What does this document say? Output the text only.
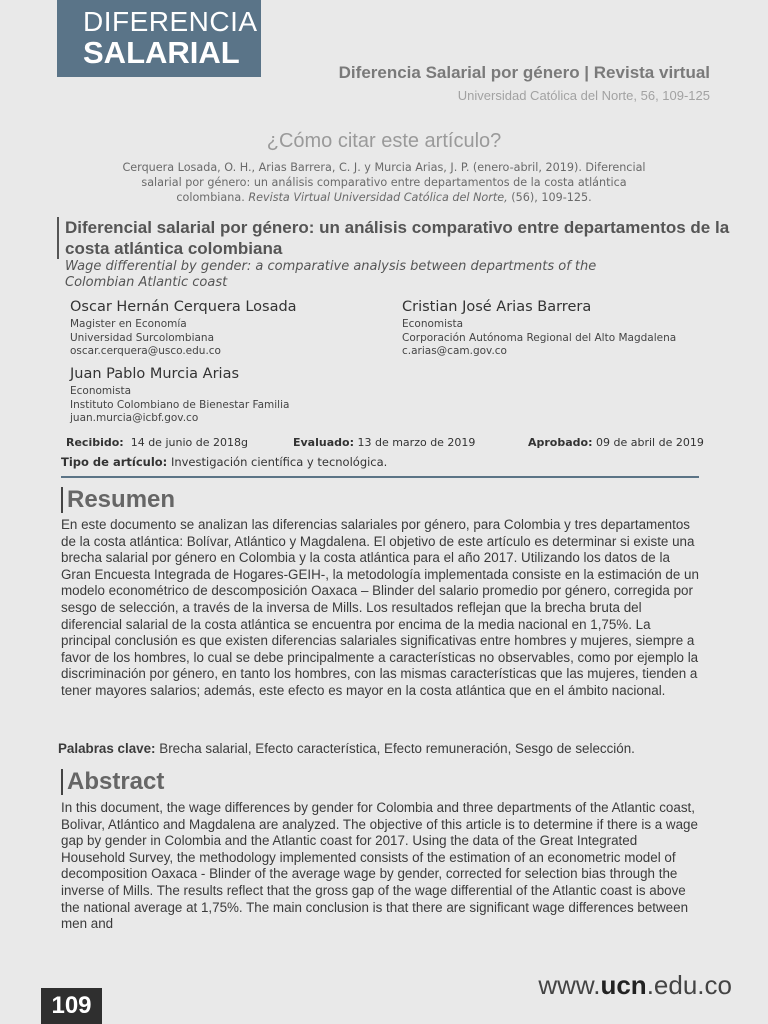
DIFERENCIA
SALARIAL
Diferencia Salarial por género | Revista virtual
Universidad Católica del Norte, 56, 109-125
¿Cómo citar este artículo?
Cerquera Losada, O. H., Arias Barrera, C. J. y Murcia Arias, J. P. (enero-abril, 2019). Diferencial salarial por género: un análisis comparativo entre departamentos de la costa atlántica colombiana. Revista Virtual Universidad Católica del Norte, (56), 109-125.
Diferencial salarial por género: un análisis comparativo entre departamentos de la costa atlántica colombiana
Wage differential by gender: a comparative analysis between departments of the Colombian Atlantic coast
Oscar Hernán Cerquera Losada
Magister en Economía
Universidad Surcolombiana
oscar.cerquera@usco.edu.co
Cristian José Arias Barrera
Economista
Corporación Autónoma Regional del Alto Magdalena
c.arias@cam.gov.co
Juan Pablo Murcia Arias
Economista
Instituto Colombiano de Bienestar Familia
juan.murcia@icbf.gov.co
Recibido: 14 de junio de 2018g	Evaluado: 13 de marzo de 2019	Aprobado: 09 de abril de 2019
Tipo de artículo: Investigación científica y tecnológica.
Resumen
En este documento se analizan las diferencias salariales por género, para Colombia y tres departamentos de la costa atlántica: Bolívar, Atlántico y Magdalena. El objetivo de este artículo es determinar si existe una brecha salarial por género en Colombia y la costa atlántica para el año 2017. Utilizando los datos de la Gran Encuesta Integrada de Hogares-GEIH-, la metodología implementada consiste en la estimación de un modelo econométrico de descomposición Oaxaca – Blinder del salario promedio por género, corregida por sesgo de selección, a través de la inversa de Mills. Los resultados reflejan que la brecha bruta del diferencial salarial de la costa atlántica se encuentra por encima de la media nacional en 1,75%. La principal conclusión es que existen diferencias salariales significativas entre hombres y mujeres, siempre a favor de los hombres, lo cual se debe principalmente a características no observables, como por ejemplo la discriminación por género, en tanto los hombres, con las mismas características que las mujeres, tienden a tener mayores salarios; además, este efecto es mayor en la costa atlántica que en el ámbito nacional.
Palabras clave: Brecha salarial, Efecto característica, Efecto remuneración, Sesgo de selección.
Abstract
In this document, the wage differences by gender for Colombia and three departments of the Atlantic coast, Bolivar, Atlántico and Magdalena are analyzed. The objective of this article is to determine if there is a wage gap by gender in Colombia and the Atlantic coast for 2017. Using the data of the Great Integrated Household Survey, the methodology implemented consists of the estimation of an econometric model of decomposition Oaxaca - Blinder of the average wage by gender, corrected for selection bias through the inverse of Mills. The results reflect that the gross gap of the wage differential of the Atlantic coast is above the national average at 1,75%. The main conclusion is that there are significant wage differences between men and
109
www.ucn.edu.co
